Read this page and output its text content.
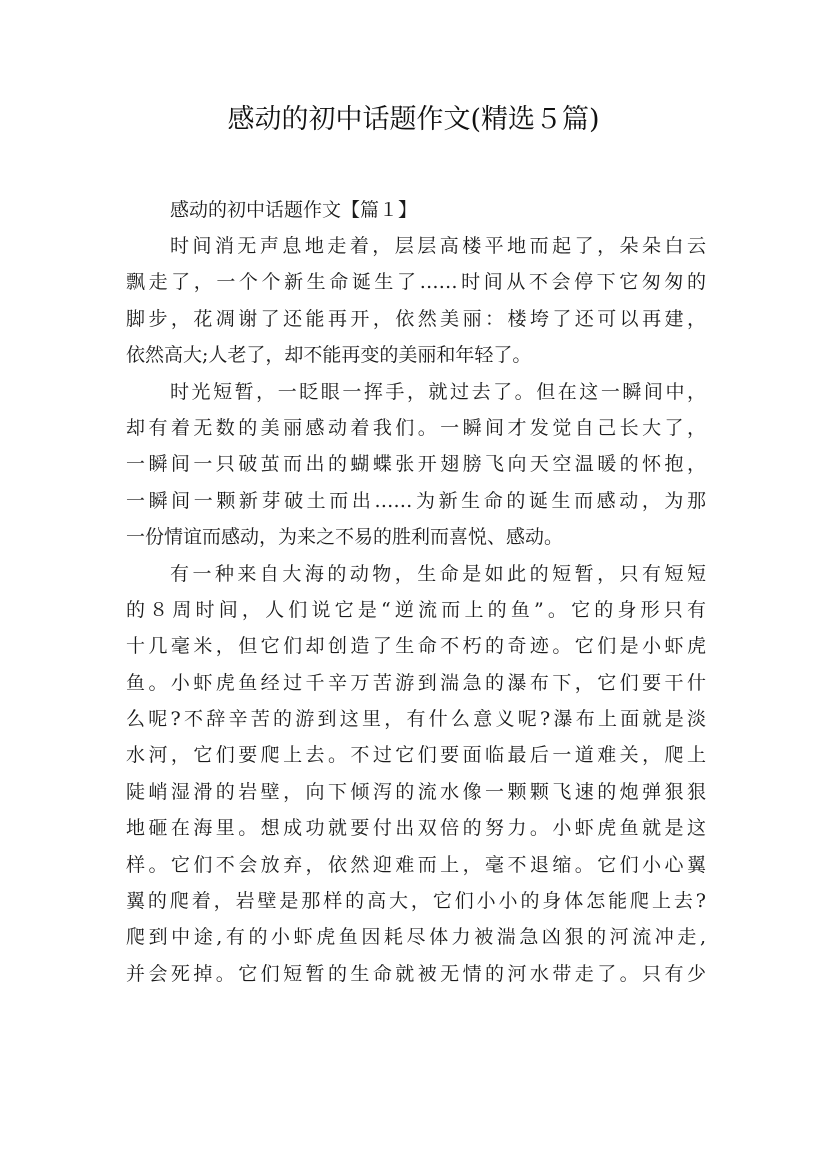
感动的初中话题作文(精选５篇)
感动的初中话题作文【篇１】
时间消无声息地走着，层层高楼平地而起了，朵朵白云
飘走了，一个个新生命诞生了……时间从不会停下它匆匆的
脚步，花凋谢了还能再开，依然美丽：楼垮了还可以再建，
依然高大;人老了，却不能再变的美丽和年轻了。
时光短暂，一眨眼一挥手，就过去了。但在这一瞬间中，
却有着无数的美丽感动着我们。一瞬间才发觉自己长大了，
一瞬间一只破茧而出的蝴蝶张开翅膀飞向天空温暖的怀抱，
一瞬间一颗新芽破土而出……为新生命的诞生而感动，为那
一份情谊而感动，为来之不易的胜利而喜悦、感动。
有一种来自大海的动物，生命是如此的短暂，只有短短
的８周时间，人们说它是“逆流而上的鱼”。它的身形只有
十几毫米，但它们却创造了生命不朽的奇迹。它们是小虾虎
鱼。小虾虎鱼经过千辛万苦游到湍急的瀑布下，它们要干什
么呢?不辞辛苦的游到这里，有什么意义呢?瀑布上面就是淡
水河，它们要爬上去。不过它们要面临最后一道难关，爬上
陡峭湿滑的岩壁，向下倾泻的流水像一颗颗飞速的炮弹狠狠
地砸在海里。想成功就要付出双倍的努力。小虾虎鱼就是这
样。它们不会放弃，依然迎难而上，毫不退缩。它们小心翼
翼的爬着，岩壁是那样的高大，它们小小的身体怎能爬上去?
爬到中途,有的小虾虎鱼因耗尽体力被湍急凶狠的河流冲走,
并会死掉。它们短暂的生命就被无情的河水带走了。只有少
